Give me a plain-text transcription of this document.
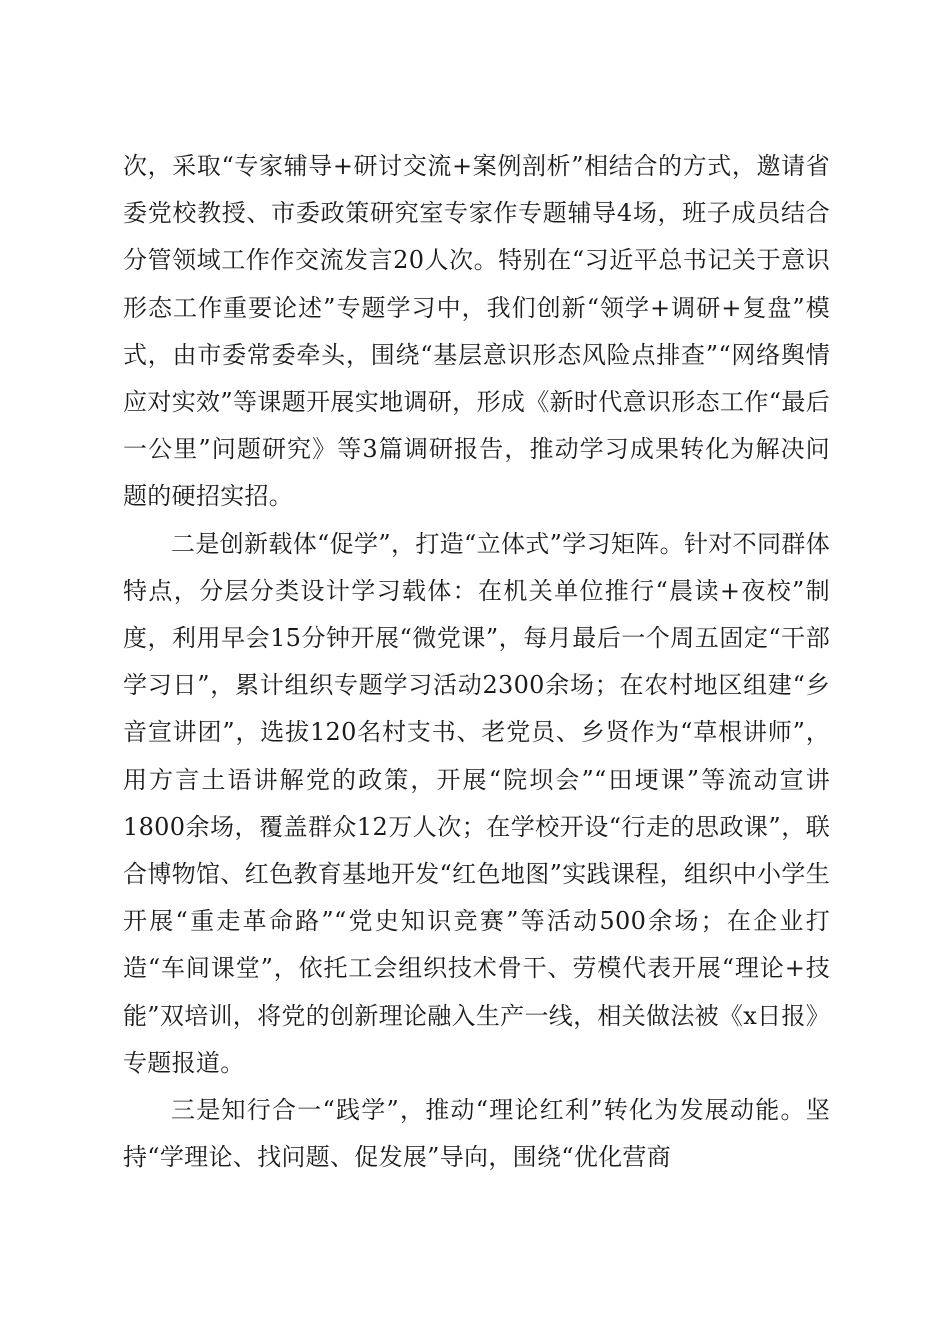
次，采取“专家辅导+研讨交流+案例剖析”相结合的方式，邀请省委党校教授、市委政策研究室专家作专题辅导4场，班子成员结合分管领域工作作交流发言20人次。特别在“习近平总书记关于意识形态工作重要论述”专题学习中，我们创新“领学+调研+复盘”模式，由市委常委牵头，围绕“基层意识形态风险点排查”“网络舆情应对实效”等课题开展实地调研，形成《新时代意识形态工作“最后一公里”问题研究》等3篇调研报告，推动学习成果转化为解决问题的硬招实招。

二是创新载体“促学”，打造“立体式”学习矩阵。针对不同群体特点，分层分类设计学习载体：在机关单位推行“晨读+夜校”制度，利用早会15分钟开展“微党课”，每月最后一个周五固定“干部学习日”，累计组织专题学习活动2300余场；在农村地区组建“乡音宣讲团”，选拔120名村支书、老党员、乡贤作为“草根讲师”，用方言土语讲解党的政策，开展“院坝会”“田埂课”等流动宣讲1800余场，覆盖群众12万人次；在学校开设“行走的思政课”，联合博物馆、红色教育基地开发“红色地图”实践课程，组织中小学生开展“重走革命路”“党史知识竞赛”等活动500余场；在企业打造“车间课堂”，依托工会组织技术骨干、劳模代表开展“理论+技能”双培训，将党的创新理论融入生产一线，相关做法被《x日报》专题报道。

三是知行合一“践学”，推动“理论红利”转化为发展动能。坚持“学理论、找问题、促发展”导向，围绕“优化营商
